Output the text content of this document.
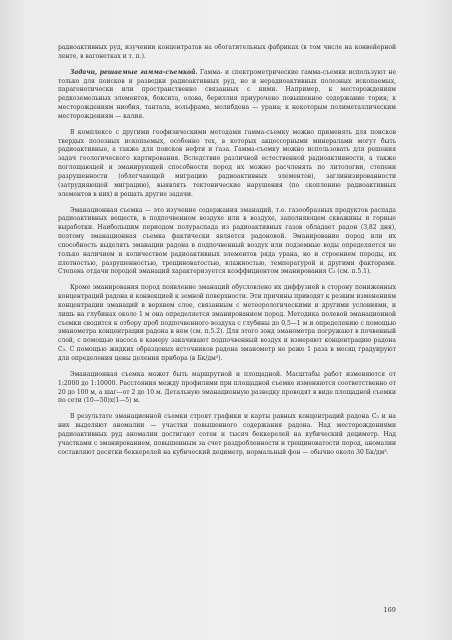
радиоактивных руд, изучении концентратов на обогатительных фабриках (в том числе на конвейерной ленте, в вагонетках и т. п.).

Задачи, решаемые гамма-съемкой. Гамма- и спектрометрические гамма-съемки используют не только для поисков и разведки радиоактивных руд, но и нерадиоактивных полезных ископаемых, парагенетически или пространственно связанных с ними. Например, к месторождениям редкоземельных элементов, боксита, олова, бериллия приурочено повышенное содержание тория; к месторождениям ниобия, тантала, вольфрама, молибдена — урана; к некоторым полиметаллическим месторождениям — калия.

В комплексе с другими геофизическими методами гамма-съемку можно применять для поисков твердых полезных ископаемых, особенно тех, в которых акцессорными минералами могут быть радиоактивные, а также для поисков нефти и газа. Гамма-съемку можно использовать для решения задач геологического картирования. Вследствие различной естественной радиоактивности, а также поглощающей и эманирующей способности пород их можно расчленять по литологии, степени разрушенности (облегчающей миграцию радиоактивных элементов), заглинизированности (затрудняющей миграцию), выявлять тектонические нарушения (по скоплению радиоактивных элементов в них) и решать другие задачи.

Эманационная съемка — это изучение содержания эманаций, т.е. газообразных продуктов распада радиоактивных веществ, в подпочвенном воздухе или в воздухе, заполняющем скважины и горные выработки. Наибольшим периодом полураспада из радиоактивных газов обладает радон (3,82 дня), поэтому эманационная съемка фактически является радоновой. Эманирование пород или их способность выделять эманации радона в подпочвенный воздух или подземные воды определяется не только наличием и количеством радиоактивных элементов ряда урана, но и строением породы, их плотностью, разрушенностью, трещиноватостью, влажностью, температурой и другими факторами. Степень отдачи породой эманаций характеризуется коэффициентом эманирования C₃ (см. п.5.1).

Кроме эманирования пород появление эманаций обусловлено их диффузией в сторону пониженных концентраций радона и конвекцией к земной поверхности. Эти причины приводят к резким изменениям концентрации эманаций в верхнем слое, связанным с метеорологическими и другими условиями, и лишь на глубинах около 1 м она определяется эманированием пород. Методика полевой эманационной съемки сводится к отбору проб подпочвенного воздуха с глубины до 0,5—1 м и определению с помощью эманометра концентрации радона в нем (см. п.5.2). Для этого зонд эманометра погружают в почвенный слой, с помощью насоса в камеру закачивают подпочвенный воздух и измеряют концентрацию радона C₃. С помощью жидких образцовых источников радона эманометр не реже 1 раза в месяц градуируют для определения цены деления прибора (в Бк/дм³).

Эманационная съемка может быть маршрутной и площадной. Масштабы работ изменяются от 1:2000 до 1:10000. Расстояния между профилями при площадной съемке изменяются соответственно от 20 до 100 м, а шаг—от 2 до 10 м. Детальную эманационную разведку проводят в виде площадной съемки по сети (10—50)x(1—5) м.

В результате эманационной съемки строят графики и карты равных концентраций радона C₃ и на них выделяют аномалии — участки повышенного содержания радона. Над месторождениями радиоактивных руд аномалии достигают сотен и тысяч беккерелей на кубический дециметр. Над участками с эманированием, повышенным за счет раздробленности и трещиноватости пород, аномалии составляют десятки беккерелей на кубический дециметр, нормальный фон — обычно около 30 Бк/дм³.

169
